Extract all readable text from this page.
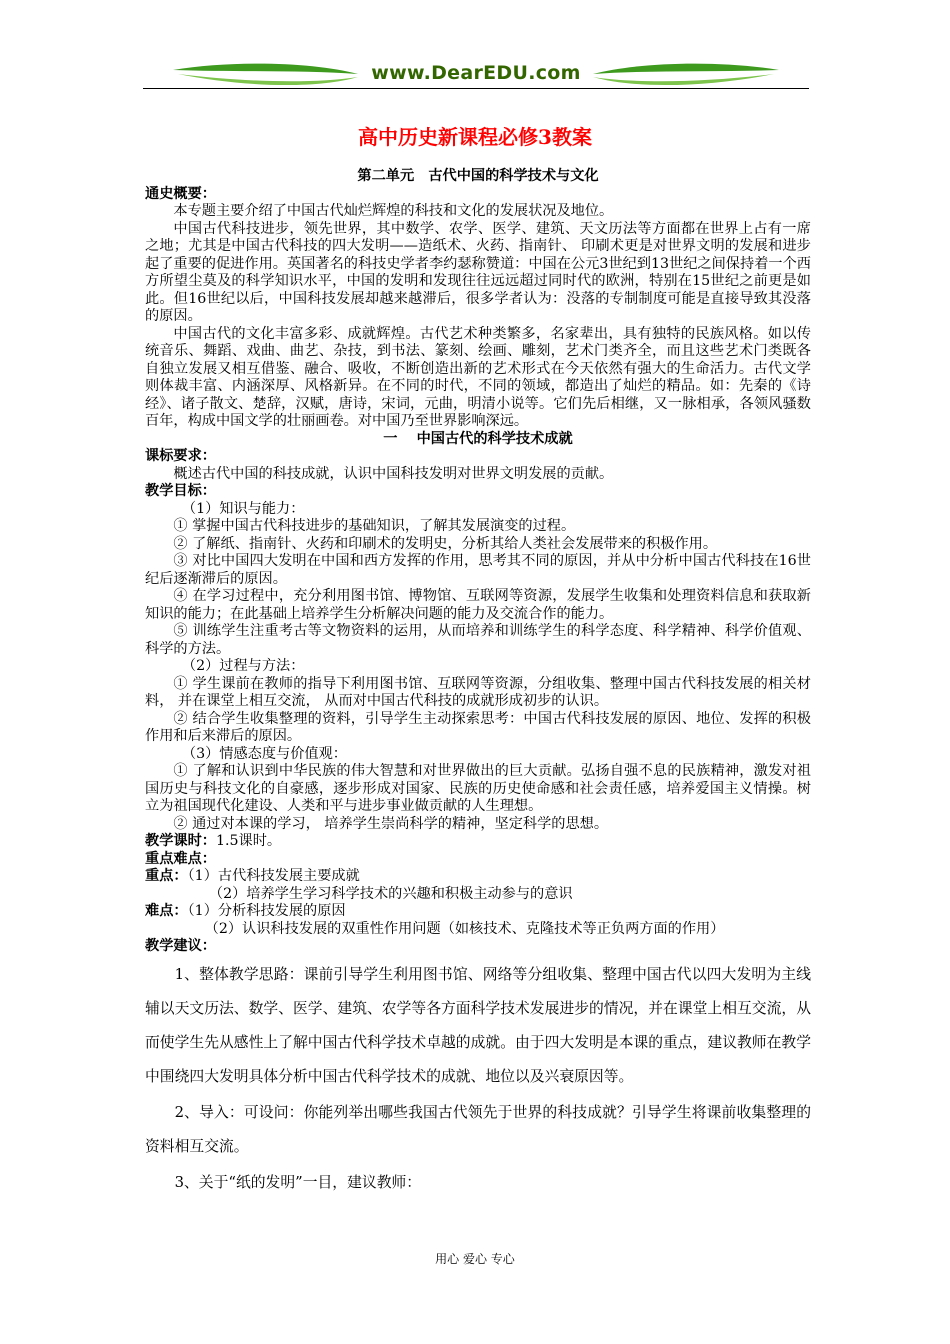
www.DearEDU.com
高中历史新课程必修3教案

第二单元　古代中国的科学技术与文化

通史概要：

本专题主要介绍了中国古代灿烂辉煌的科技和文化的发展状况及地位。

中国古代科技进步，领先世界，其中数学、农学、医学、建筑、天文历法等方面都在世界上占有一席之地；尤其是中国古代科技的四大发明——造纸术、火药、指南针、 印刷术更是对世界文明的发展和进步起了重要的促进作用。英国著名的科技史学者李约瑟称赞道：中国在公元3世纪到13世纪之间保持着一个西方所望尘莫及的科学知识水平，中国的发明和发现往往远远超过同时代的欧洲，特别在15世纪之前更是如此。但16世纪以后，中国科技发展却越来越滞后，很多学者认为：没落的专制制度可能是直接导致其没落的原因。

中国古代的文化丰富多彩、成就辉煌。古代艺术种类繁多，名家辈出，具有独特的民族风格。如以传统音乐、舞蹈、戏曲、曲艺、杂技，到书法、篆刻、绘画、雕刻，艺术门类齐全，而且这些艺术门类既各自独立发展又相互借鉴、融合、吸收，不断创造出新的艺术形式在今天依然有强大的生命活力。古代文学则体裁丰富、内涵深厚、风格新异。在不同的时代，不同的领域，都造出了灿烂的精品。如：先秦的《诗经》、诸子散文、楚辞，汉赋，唐诗，宋词，元曲，明清小说等。它们先后相继，又一脉相承，各领风骚数百年，构成中国文学的壮丽画卷。对中国乃至世界影响深远。

一　 中国古代的科学技术成就

课标要求：

概述古代中国的科技成就，认识中国科技发明对世界文明发展的贡献。

教学目标：

（1）知识与能力：

① 掌握中国古代科技进步的基础知识，了解其发展演变的过程。

② 了解纸、指南针、火药和印刷术的发明史，分析其给人类社会发展带来的积极作用。

③ 对比中国四大发明在中国和西方发挥的作用，思考其不同的原因，并从中分析中国古代科技在16世纪后逐渐滞后的原因。

④ 在学习过程中，充分利用图书馆、博物馆、互联网等资源，发展学生收集和处理资料信息和获取新知识的能力；在此基础上培养学生分析解决问题的能力及交流合作的能力。

⑤ 训练学生注重考古等文物资料的运用，从而培养和训练学生的科学态度、科学精神、科学价值观、科学的方法。

（2）过程与方法：

① 学生课前在教师的指导下利用图书馆、互联网等资源，分组收集、整理中国古代科技发展的相关材料， 并在课堂上相互交流， 从而对中国古代科技的成就形成初步的认识。

② 结合学生收集整理的资料，引导学生主动探索思考：中国古代科技发展的原因、地位、发挥的积极作用和后来滞后的原因。

（3）情感态度与价值观：

① 了解和认识到中华民族的伟大智慧和对世界做出的巨大贡献。弘扬自强不息的民族精神，激发对祖国历史与科技文化的自豪感，逐步形成对国家、民族的历史使命感和社会责任感，培养爱国主义情操。树立为祖国现代化建设、人类和平与进步事业做贡献的人生理想。

② 通过对本课的学习， 培养学生崇尚科学的精神，坚定科学的思想。

教学课时：1.5课时。

重点难点：

重点：（1）古代科技发展主要成就

（2）培养学生学习科学技术的兴趣和积极主动参与的意识

难点：（1）分析科技发展的原因

（2）认识科技发展的双重性作用问题（如核技术、克隆技术等正负两方面的作用）

教学建议：

1、整体教学思路：课前引导学生利用图书馆、网络等分组收集、整理中国古代以四大发明为主线辅以天文历法、数学、医学、建筑、农学等各方面科学技术发展进步的情况，并在课堂上相互交流，从而使学生先从感性上了解中国古代科学技术卓越的成就。由于四大发明是本课的重点，建议教师在教学中围绕四大发明具体分析中国古代科学技术的成就、地位以及兴衰原因等。

2、导入：可设问：你能列举出哪些我国古代领先于世界的科技成就？引导学生将课前收集整理的资料相互交流。

3、关于“纸的发明”一目，建议教师：

用心 爱心 专心
